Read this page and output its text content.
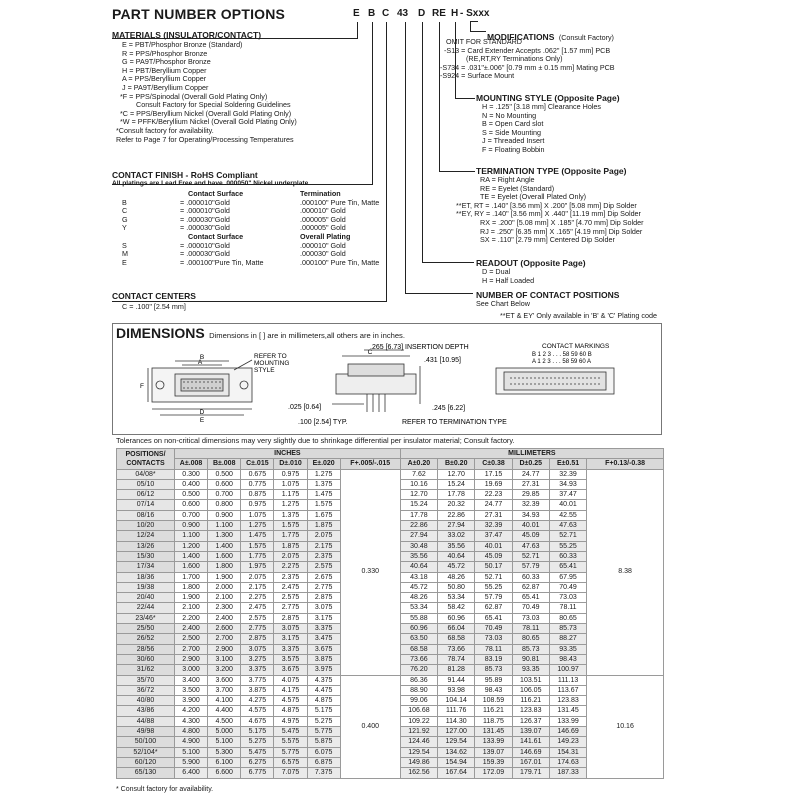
PART NUMBER OPTIONS	E B C 43 D RE H - Sxxx
MATERIALS (INSULATOR/CONTACT)
E = PBT/Phosphor Bronze (Standard)
R = PPS/Phosphor Bronze
G = PA9T/Phosphor Bronze
H = PBT/Beryllium Copper
A = PPS/Beryllium Copper
J = PA9T/Beryllium Copper
*F = PPS/Spinodal (Overall Gold Plating Only)
Consult Factory for Special Soldering Guidelines
*C = PPS/Beryllium Nickel (Overall Gold Plating Only)
*W = PFFK/Beryllium Nickel (Overall Gold Plating Only)
*Consult factory for availability.
Refer to Page 7 for Operating/Processing Temperatures
CONTACT FINISH - RoHS Compliant
All platings are Lead Free and have .000050" Nickel underplate
Contact Surface	Termination
B	= .000010"Gold	.000100" Pure Tin, Matte
C	= .000010"Gold	.000010" Gold
G	= .000030"Gold	.000005" Gold
Y	= .000030"Gold	.000005" Gold
Contact Surface	Overall Plating
S	= .000010"Gold	.000010" Gold
M	= .000030"Gold	.000030" Gold
E	= .000100"Pure Tin, Matte	.000100" Pure Tin, Matte
CONTACT CENTERS
C = .100" [2.54 mm]
MODIFICATIONS (Consult Factory)
OMIT FOR STANDARD
-S13 = Card Extender Accepts .062" [1.57 mm] PCB
(RE,RT,RY Terminations Only)
-S734 = .031"±.006" [0.79 mm ± 0.15 mm] Mating PCB
-S924 = Surface Mount
MOUNTING STYLE (Opposite Page)
H = .125" [3.18 mm] Clearance Holes
N = No Mounting
B = Open Card slot
S = Side Mounting
J = Threaded Insert
F = Floating Bobbin
TERMINATION TYPE (Opposite Page)
RA = Right Angle
RE = Eyelet (Standard)
TE = Eyelet (Overall Plated Only)
**ET, RT = .140" [3.56 mm] X .200" [5.08 mm] Dip Solder
**EY, RY = .140" [3.56 mm] X .440" [11.19 mm] Dip Solder
RX = .200" [5.08 mm] X .185" [4.70 mm] Dip Solder
RJ = .250" [6.35 mm] X .165" [4.19 mm] Dip Solder
SX = .110" [2.79 mm] Centered Dip Solder
READOUT (Opposite Page)
D = Dual
H = Half Loaded
NUMBER OF CONTACT POSITIONS
See Chart Below
**ET & EY' Only available in 'B' & 'C' Plating code
DIMENSIONS Dimensions in [ ] are in millimeters,all others are in inches.
A
B
D
E
F
REFER TO
MOUNTING
STYLE
C
.265 [6.73] INSERTION DEPTH
.431 [10.95]
.025 [0.64]
.100 [2.54] TYP.	REFER TO TERMINATION TYPE
.245 [6.22]
CONTACT MARKINGS
B 1 2 3 . . . 58 59 60 B
A 1 2 3 . . . 58 59 60 A
Tolerances on non-critical dimensions may very slightly due to shrinkage differential per insulator material; Consult factory.
POSITIONS/ CONTACTS	INCHES						MILLIMETERS					
	A±.008	B±.008	C±.015	D±.010	E±.020	F+.005/-.015	A±0.20	B±0.20	C±0.38	D±0.25	E±0.51	F+0.13/-0.38
04/08*	0.300	0.500	0.675	0.975	1.275	0.330	7.62	12.70	17.15	24.77	32.39	8.38
05/10	0.400	0.600	0.775	1.075	1.375		10.16	15.24	19.69	27.31	34.93	
06/12	0.500	0.700	0.875	1.175	1.475		12.70	17.78	22.23	29.85	37.47	
07/14	0.600	0.800	0.975	1.275	1.575		15.24	20.32	24.77	32.39	40.01	
08/16	0.700	0.900	1.075	1.375	1.675		17.78	22.86	27.31	34.93	42.55	
10/20	0.900	1.100	1.275	1.575	1.875		22.86	27.94	32.39	40.01	47.63	
12/24	1.100	1.300	1.475	1.775	2.075		27.94	33.02	37.47	45.09	52.71	
13/26	1.200	1.400	1.575	1.875	2.175		30.48	35.56	40.01	47.63	55.25	
15/30	1.400	1.600	1.775	2.075	2.375		35.56	40.64	45.09	52.71	60.33	
17/34	1.600	1.800	1.975	2.275	2.575		40.64	45.72	50.17	57.79	65.41	
18/36	1.700	1.900	2.075	2.375	2.675		43.18	48.26	52.71	60.33	67.95	
19/38	1.800	2.000	2.175	2.475	2.775		45.72	50.80	55.25	62.87	70.49	
20/40	1.900	2.100	2.275	2.575	2.875		48.26	53.34	57.79	65.41	73.03	
22/44	2.100	2.300	2.475	2.775	3.075		53.34	58.42	62.87	70.49	78.11	
23/46*	2.200	2.400	2.575	2.875	3.175		55.88	60.96	65.41	73.03	80.65	
25/50	2.400	2.600	2.775	3.075	3.375		60.96	66.04	70.49	78.11	85.73	
26/52	2.500	2.700	2.875	3.175	3.475		63.50	68.58	73.03	80.65	88.27	
28/56	2.700	2.900	3.075	3.375	3.675		68.58	73.66	78.11	85.73	93.35	
30/60	2.900	3.100	3.275	3.575	3.875		73.66	78.74	83.19	90.81	98.43	
31/62	3.000	3.200	3.375	3.675	3.975		76.20	81.28	85.73	93.35	100.97	
35/70	3.400	3.600	3.775	4.075	4.375	0.400	86.36	91.44	95.89	103.51	111.13	10.16
36/72	3.500	3.700	3.875	4.175	4.475		88.90	93.98	98.43	106.05	113.67	
40/80	3.900	4.100	4.275	4.575	4.875		99.06	104.14	108.59	116.21	123.83	
43/86	4.200	4.400	4.575	4.875	5.175		106.68	111.76	116.21	123.83	131.45	
44/88	4.300	4.500	4.675	4.975	5.275		109.22	114.30	118.75	126.37	133.99	
49/98	4.800	5.000	5.175	5.475	5.775		121.92	127.00	131.45	139.07	146.69	
50/100	4.900	5.100	5.275	5.575	5.875		124.46	129.54	133.99	141.61	149.23	
52/104*	5.100	5.300	5.475	5.775	6.075		129.54	134.62	139.07	146.69	154.31	
60/120	5.900	6.100	6.275	6.575	6.875		149.86	154.94	159.39	167.01	174.63	
65/130	6.400	6.600	6.775	7.075	7.375		162.56	167.64	172.09	179.71	187.33	
* Consult factory for availability.
